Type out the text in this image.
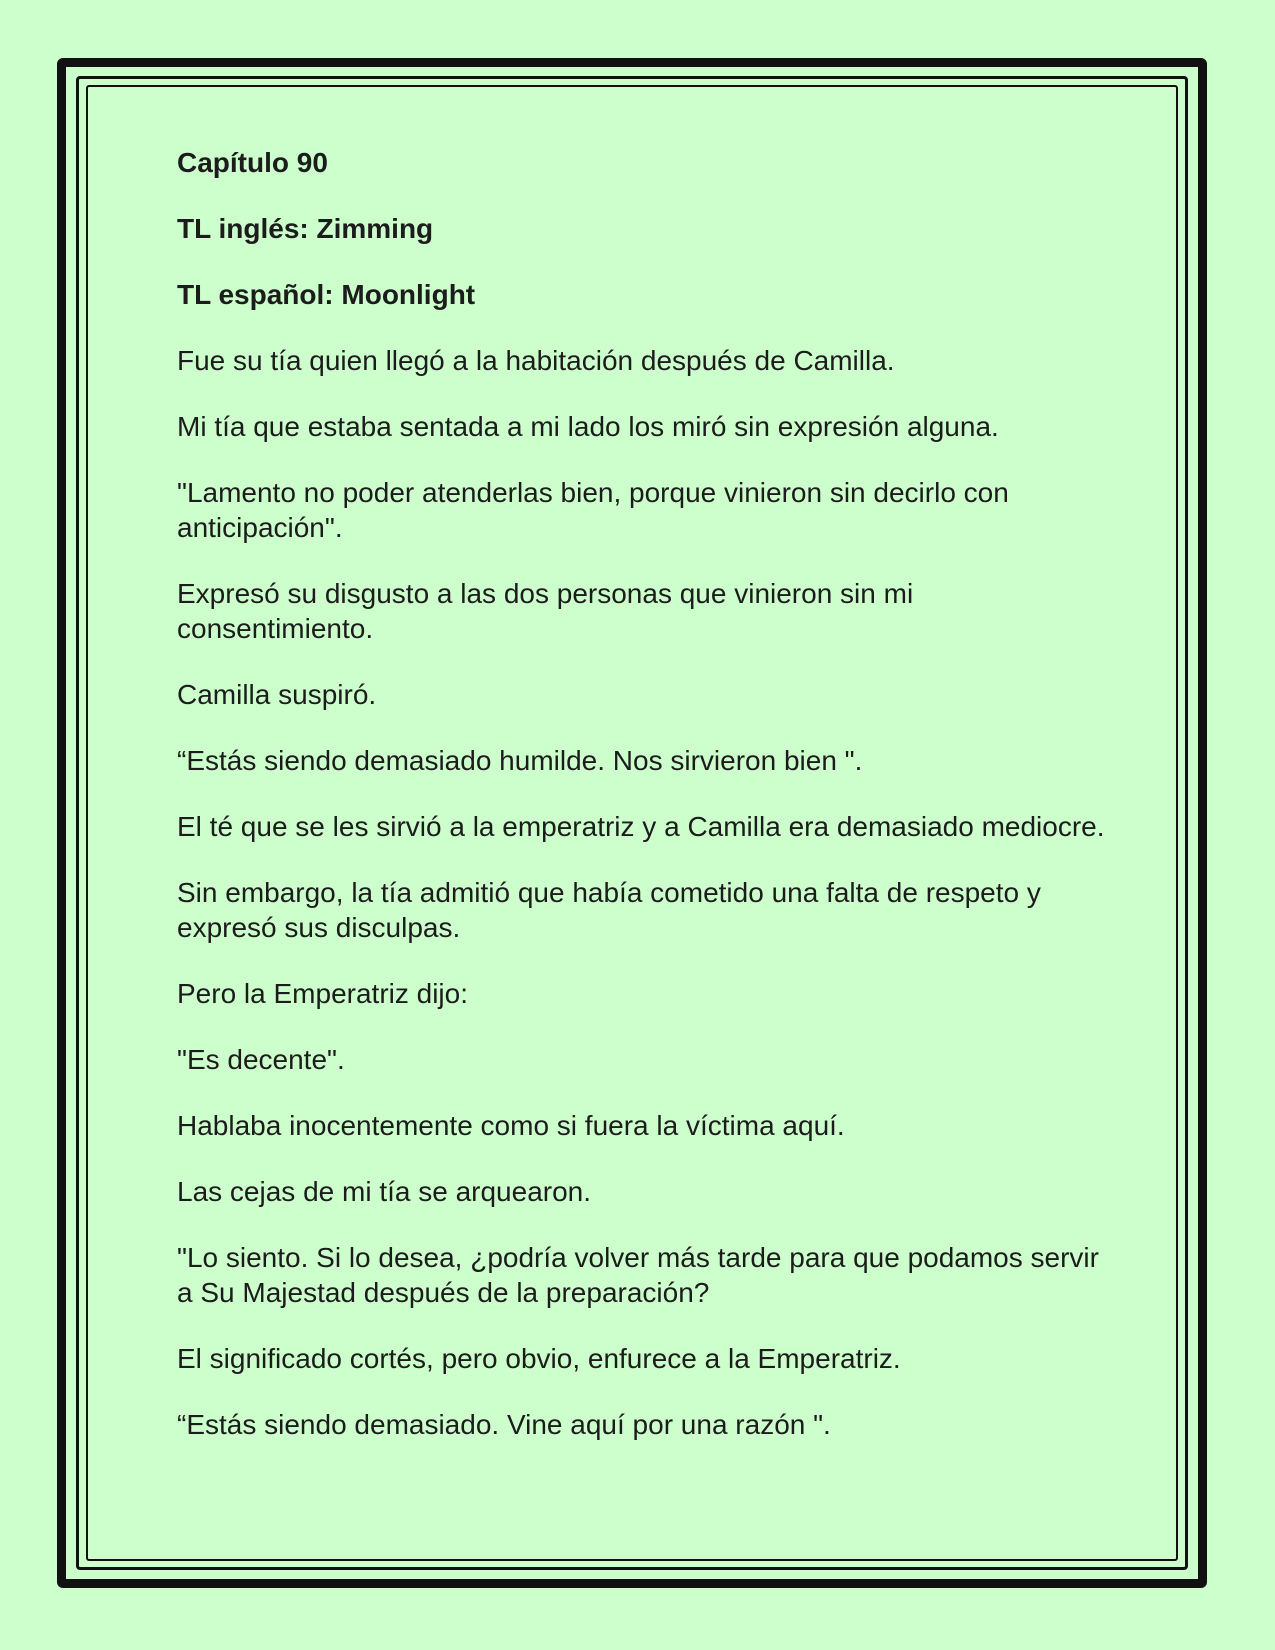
Capítulo 90

TL inglés: Zimming

TL español: Moonlight

Fue su tía quien llegó a la habitación después de Camilla.

Mi tía que estaba sentada a mi lado los miró sin expresión alguna.

"Lamento no poder atenderlas bien, porque vinieron sin decirlo con anticipación".

Expresó su disgusto a las dos personas que vinieron sin mi consentimiento.

Camilla suspiró.

“Estás siendo demasiado humilde. Nos sirvieron bien ".

El té que se les sirvió a la emperatriz y a Camilla era demasiado mediocre.

Sin embargo, la tía admitió que había cometido una falta de respeto y expresó sus disculpas.

Pero la Emperatriz dijo:

"Es decente".

Hablaba inocentemente como si fuera la víctima aquí.

Las cejas de mi tía se arquearon.

"Lo siento. Si lo desea, ¿podría volver más tarde para que podamos servir a Su Majestad después de la preparación?

El significado cortés, pero obvio, enfurece a la Emperatriz.

“Estás siendo demasiado. Vine aquí por una razón ".
